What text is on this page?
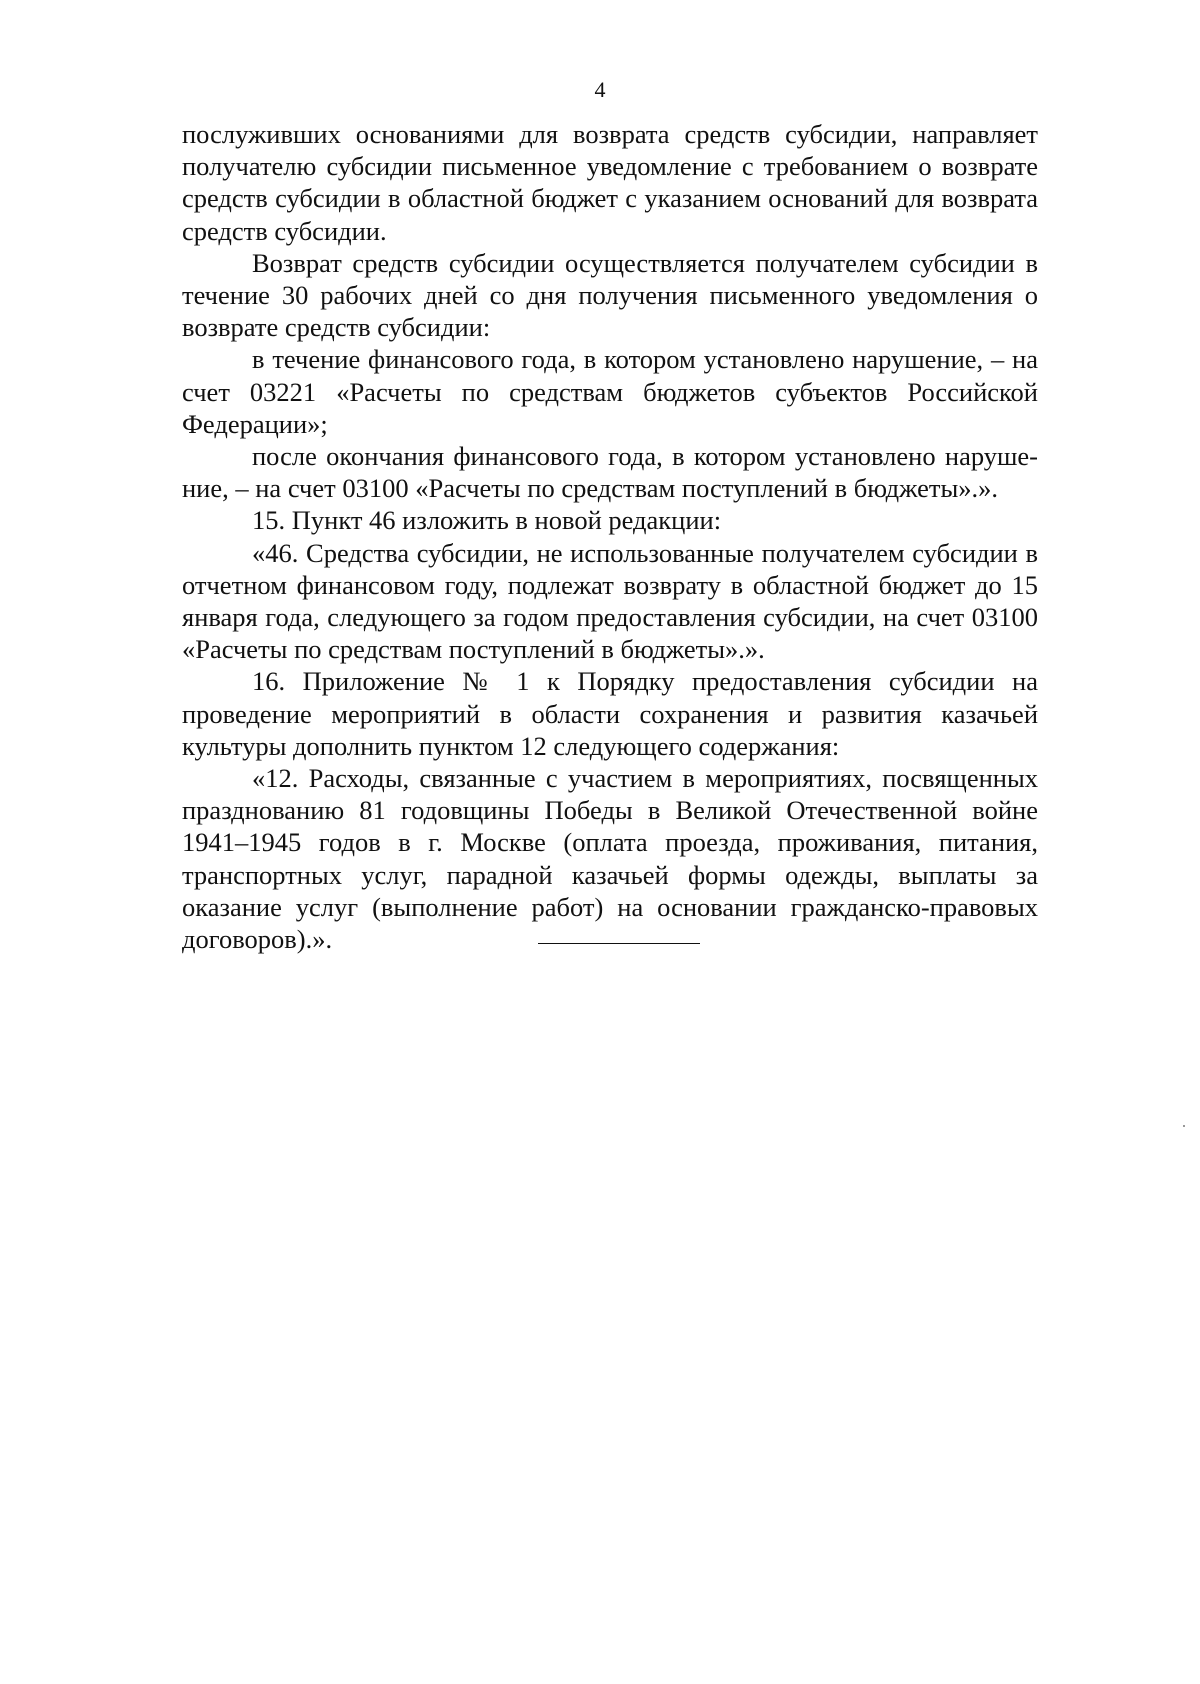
4

послуживших основаниями для возврата средств субсидии, направляет получателю субсидии письменное уведомление с требованием о возврате средств субсидии в областной бюджет с указанием оснований для возврата средств субсидии.

Возврат средств субсидии осуществляется получателем субсидии в течение 30 рабочих дней со дня получения письменного уведомления о возврате средств субсидии:

в течение финансового года, в котором установлено нарушение, – на счет 03221 «Расчеты по средствам бюджетов субъектов Российской Федерации»;

после окончания финансового года, в котором установлено наруше-ние, – на счет 03100 «Расчеты по средствам поступлений в бюджеты».».

15. Пункт 46 изложить в новой редакции:

«46. Средства субсидии, не использованные получателем субсидии в отчетном финансовом году, подлежат возврату в областной бюджет до 15 января года, следующего за годом предоставления субсидии, на счет 03100 «Расчеты по средствам поступлений в бюджеты».».

16. Приложение № 1 к Порядку предоставления субсидии на проведение мероприятий в области сохранения и развития казачьей культуры дополнить пунктом 12 следующего содержания:

«12. Расходы, связанные с участием в мероприятиях, посвященных празднованию 81 годовщины Победы в Великой Отечественной войне 1941–1945 годов в г. Москве (оплата проезда, проживания, питания, транспортных услуг, парадной казачьей формы одежды, выплаты за оказание услуг (выполнение работ) на основании гражданско-правовых договоров).».
